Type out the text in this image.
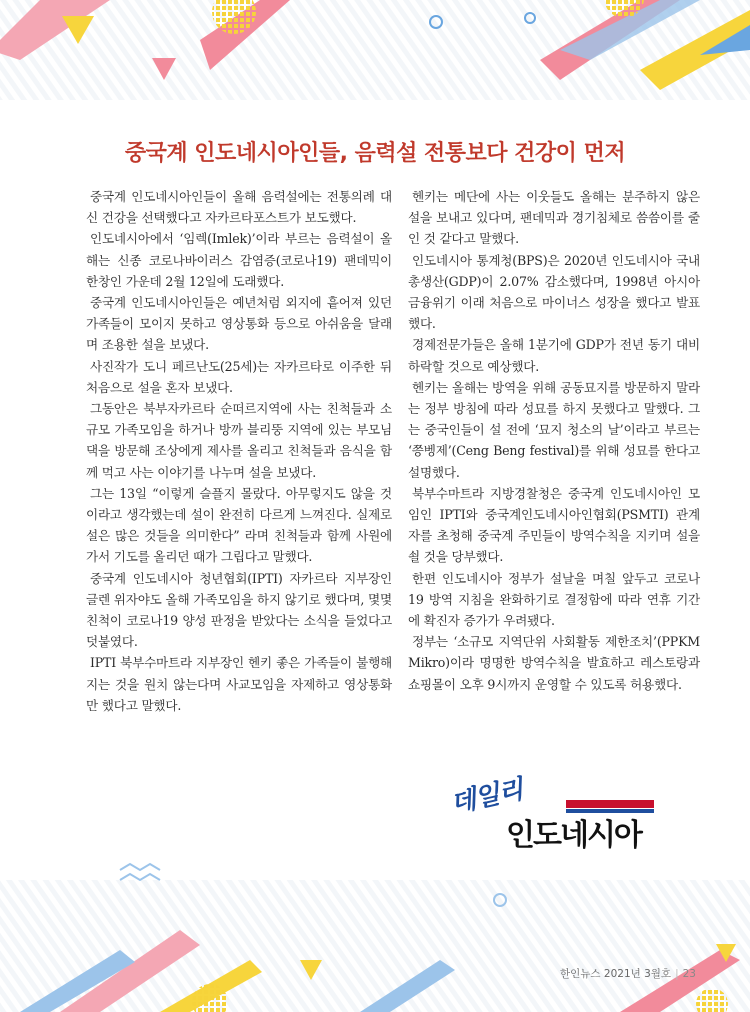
중국계 인도네시아인들, 음력설 전통보다 건강이 먼저

중국계 인도네시아인들이 올해 음력설에는 전통의례 대신 건강을 선택했다고 자카르타포스트가 보도했다.

인도네시아에서 ‘임렉(Imlek)’이라 부르는 음력설이 올해는 신종 코로나바이러스 감염증(코로나19) 팬데믹이 한창인 가운데 2월 12일에 도래했다.

중국계 인도네시아인들은 예년처럼 외지에 흩어져 있던 가족들이 모이지 못하고 영상통화 등으로 아쉬움을 달래며 조용한 설을 보냈다.

사진작가 도니 페르난도(25세)는 자카르타로 이주한 뒤 처음으로 설을 혼자 보냈다.

그동안은 북부자카르타 순떠르지역에 사는 친척들과 소규모 가족모임을 하거나 방까 블리뚱 지역에 있는 부모님 댁을 방문해 조상에게 제사를 올리고 친척들과 음식을 함께 먹고 사는 이야기를 나누며 설을 보냈다.

그는 13일 “이렇게 슬플지 몰랐다. 아무렇지도 않을 것이라고 생각했는데 설이 완전히 다르게 느껴진다. 실제로 설은 많은 것들을 의미한다” 라며 친척들과 함께 사원에 가서 기도를 올리던 때가 그립다고 말했다.

중국계 인도네시아 청년협회(IPTI) 자카르타 지부장인 글렌 위자야도 올해 가족모임을 하지 않기로 했다며, 몇몇 친척이 코로나19 양성 판정을 받았다는 소식을 들었다고 덧붙였다.

IPTI 북부수마트라 지부장인 헨키 좋은 가족들이 불행해지는 것을 원치 않는다며 사교모임을 자제하고 영상통화만 했다고 말했다.

헨키는 메단에 사는 이웃들도 올해는 분주하지 않은 설을 보내고 있다며, 팬데믹과 경기침체로 씀씀이를 줄인 것 같다고 말했다.

인도네시아 통계청(BPS)은 2020년 인도네시아 국내총생산(GDP)이 2.07% 감소했다며, 1998년 아시아 금융위기 이래 처음으로 마이너스 성장을 했다고 발표했다.

경제전문가들은 올해 1분기에 GDP가 전년 동기 대비 하락할 것으로 예상했다.

헨키는 올해는 방역을 위해 공동묘지를 방문하지 말라는 정부 방침에 따라 성묘를 하지 못했다고 말했다. 그는 중국인들이 설 전에 ‘묘지 청소의 날’이라고 부르는 ‘쯩벵제’(Ceng Beng festival)를 위해 성묘를 한다고 설명했다.

북부수마트라 지방경찰청은 중국계 인도네시아인 모임인 IPTI와 중국계인도네시아인협회(PSMTI) 관계자를 초청해 중국계 주민들이 방역수칙을 지키며 설을 쇨 것을 당부했다.

한편 인도네시아 정부가 설날을 며칠 앞두고 코로나19 방역 지침을 완화하기로 결정함에 따라 연휴 기간에 확진자 증가가 우려됐다.

정부는 ‘소규모 지역단위 사회활동 제한조치’(PPKM Mikro)이라 명명한 방역수칙을 발효하고 레스토랑과 쇼핑몰이 오후 9시까지 운영할 수 있도록 허용했다.

데일리
인도네시아
한인뉴스 2021년 3월호 | 23
